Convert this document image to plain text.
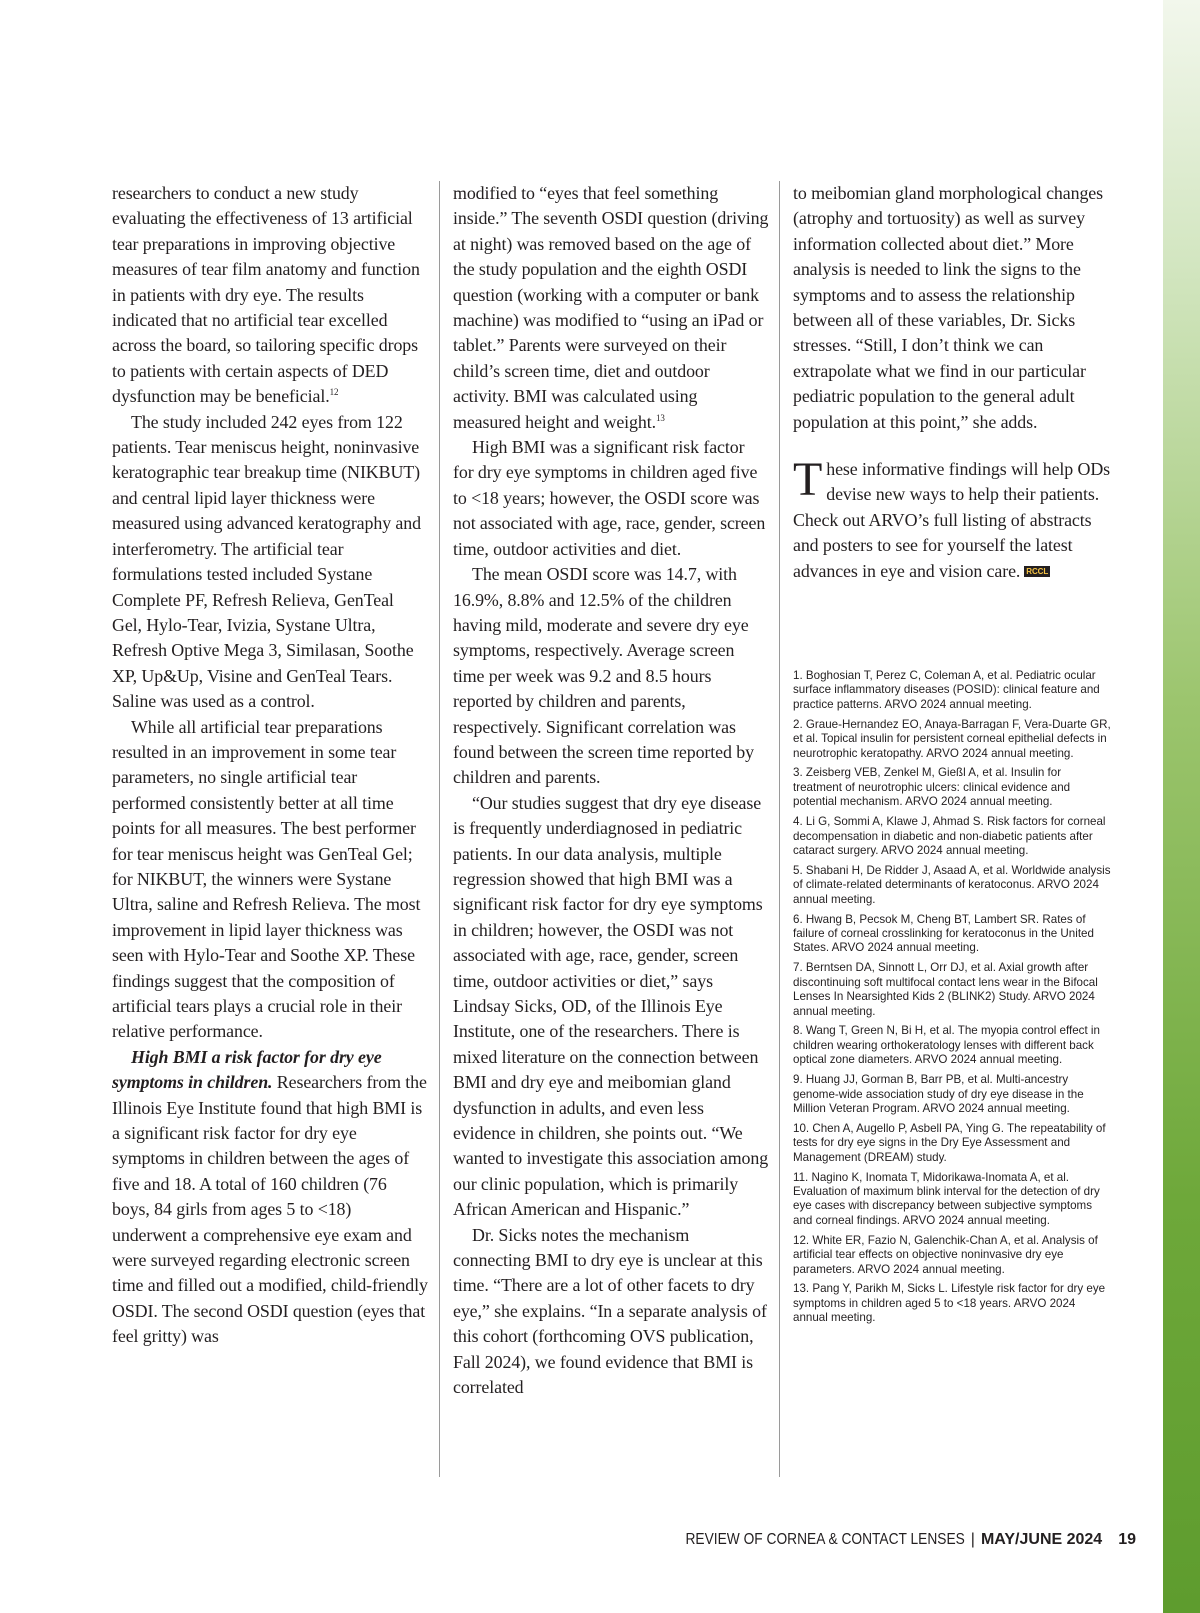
researchers to conduct a new study evaluating the effectiveness of 13 artificial tear preparations in improving objective measures of tear film anatomy and function in patients with dry eye. The results indicated that no artificial tear excelled across the board, so tailoring specific drops to patients with certain aspects of DED dysfunction may be beneficial.$^{12}$

The study included 242 eyes from 122 patients. Tear meniscus height, noninvasive keratographic tear breakup time (NIKBUT) and central lipid layer thickness were measured using advanced keratography and interferometry. The artificial tear formulations tested included Systane Complete PF, Refresh Relieva, GenTeal Gel, Hylo-Tear, Ivizia, Systane Ultra, Refresh Optive Mega 3, Similasan, Soothe XP, Up&Up, Visine and GenTeal Tears. Saline was used as a control.

While all artificial tear preparations resulted in an improvement in some tear parameters, no single artificial tear performed consistently better at all time points for all measures. The best performer for tear meniscus height was GenTeal Gel; for NIKBUT, the winners were Systane Ultra, saline and Refresh Relieva. The most improvement in lipid layer thickness was seen with Hylo-Tear and Soothe XP. These findings suggest that the composition of artificial tears plays a crucial role in their relative performance.

High BMI a risk factor for dry eye symptoms in children. Researchers from the Illinois Eye Institute found that high BMI is a significant risk factor for dry eye symptoms in children between the ages of five and 18. A total of 160 children (76 boys, 84 girls from ages 5 to <18) underwent a comprehensive eye exam and were surveyed regarding electronic screen time and filled out a modified, child-friendly OSDI. The second OSDI question (eyes that feel gritty) was

modified to “eyes that feel something inside.” The seventh OSDI question (driving at night) was removed based on the age of the study population and the eighth OSDI question (working with a computer or bank machine) was modified to “using an iPad or tablet.” Parents were surveyed on their child’s screen time, diet and outdoor activity. BMI was calculated using measured height and weight.$^{13}$

High BMI was a significant risk factor for dry eye symptoms in children aged five to <18 years; however, the OSDI score was not associated with age, race, gender, screen time, outdoor activities and diet.

The mean OSDI score was 14.7, with 16.9%, 8.8% and 12.5% of the children having mild, moderate and severe dry eye symptoms, respectively. Average screen time per week was 9.2 and 8.5 hours reported by children and parents, respectively. Significant correlation was found between the screen time reported by children and parents.

“Our studies suggest that dry eye disease is frequently underdiagnosed in pediatric patients. In our data analysis, multiple regression showed that high BMI was a significant risk factor for dry eye symptoms in children; however, the OSDI was not associated with age, race, gender, screen time, outdoor activities or diet,” says Lindsay Sicks, OD, of the Illinois Eye Institute, one of the researchers. There is mixed literature on the connection between BMI and dry eye and meibomian gland dysfunction in adults, and even less evidence in children, she points out. “We wanted to investigate this association among our clinic population, which is primarily African American and Hispanic.”

Dr. Sicks notes the mechanism connecting BMI to dry eye is unclear at this time. “There are a lot of other facets to dry eye,” she explains. “In a separate analysis of this cohort (forthcoming OVS publication, Fall 2024), we found evidence that BMI is correlated

to meibomian gland morphological changes (atrophy and tortuosity) as well as survey information collected about diet.” More analysis is needed to link the signs to the symptoms and to assess the relationship between all of these variables, Dr. Sicks stresses. “Still, I don’t think we can extrapolate what we find in our particular pediatric population to the general adult population at this point,” she adds.

These informative findings will help ODs devise new ways to help their patients. Check out ARVO’s full listing of abstracts and posters to see for yourself the latest advances in eye and vision care. RCCL

1. Boghosian T, Perez C, Coleman A, et al. Pediatric ocular surface inflammatory diseases (POSID): clinical feature and practice patterns. ARVO 2024 annual meeting.

2. Graue-Hernandez EO, Anaya-Barragan F, Vera-Duarte GR, et al. Topical insulin for persistent corneal epithelial defects in neurotrophic keratopathy. ARVO 2024 annual meeting.

3. Zeisberg VEB, Zenkel M, Gießl A, et al. Insulin for treatment of neurotrophic ulcers: clinical evidence and potential mechanism. ARVO 2024 annual meeting.

4. Li G, Sommi A, Klawe J, Ahmad S. Risk factors for corneal decompensation in diabetic and non-diabetic patients after cataract surgery. ARVO 2024 annual meeting.

5. Shabani H, De Ridder J, Asaad A, et al. Worldwide analysis of climate-related determinants of keratoconus. ARVO 2024 annual meeting.

6. Hwang B, Pecsok M, Cheng BT, Lambert SR. Rates of failure of corneal crosslinking for keratoconus in the United States. ARVO 2024 annual meeting.

7. Berntsen DA, Sinnott L, Orr DJ, et al. Axial growth after discontinuing soft multifocal contact lens wear in the Bifocal Lenses In Nearsighted Kids 2 (BLINK2) Study. ARVO 2024 annual meeting.

8. Wang T, Green N, Bi H, et al. The myopia control effect in children wearing orthokeratology lenses with different back optical zone diameters. ARVO 2024 annual meeting.

9. Huang JJ, Gorman B, Barr PB, et al. Multi-ancestry genome-wide association study of dry eye disease in the Million Veteran Program. ARVO 2024 annual meeting.

10. Chen A, Augello P, Asbell PA, Ying G. The repeatability of tests for dry eye signs in the Dry Eye Assessment and Management (DREAM) study.

11. Nagino K, Inomata T, Midorikawa-Inomata A, et al. Evaluation of maximum blink interval for the detection of dry eye cases with discrepancy between subjective symptoms and corneal findings. ARVO 2024 annual meeting.

12. White ER, Fazio N, Galenchik-Chan A, et al. Analysis of artificial tear effects on objective noninvasive dry eye parameters. ARVO 2024 annual meeting.

13. Pang Y, Parikh M, Sicks L. Lifestyle risk factor for dry eye symptoms in children aged 5 to <18 years. ARVO 2024 annual meeting.

REVIEW OF CORNEA & CONTACT LENSES | MAY/JUNE 2024 19
